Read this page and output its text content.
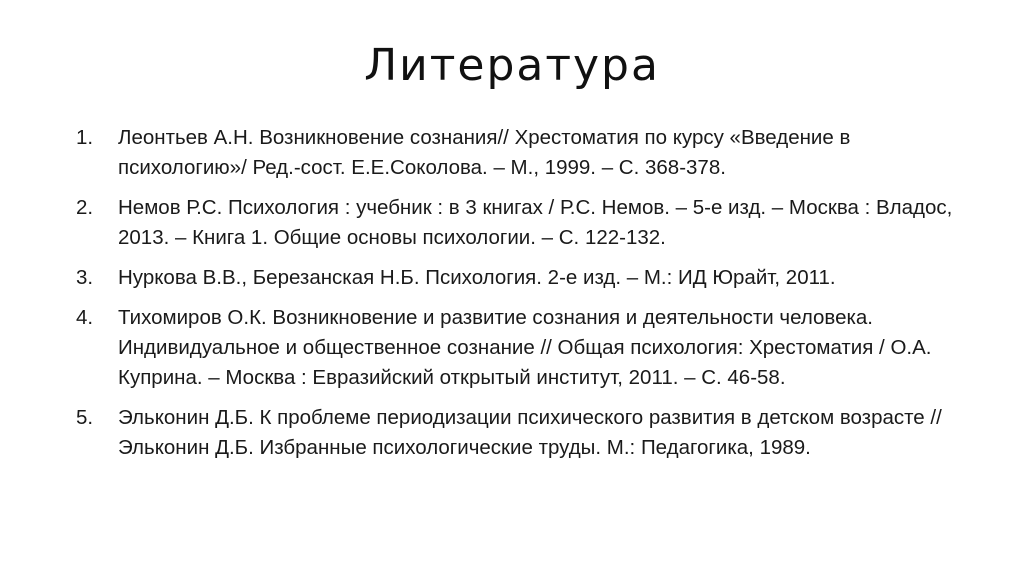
Литература
1.	Леонтьев А.Н. Возникновение сознания// Хрестоматия по курсу «Введение в психологию»/ Ред.-сост. Е.Е.Соколова. – М., 1999. – С. 368-378.
2.	Немов Р.С. Психология : учебник : в 3 книгах / Р.С. Немов. – 5-е изд. – Москва : Владос, 2013. – Книга 1. Общие основы психологии. – С. 122-132.
3.	Нуркова В.В., Березанская Н.Б. Психология. 2-е изд. – М.: ИД Юрайт, 2011.
4.	Тихомиров О.К. Возникновение и развитие сознания и деятельности человека. Индивидуальное и общественное сознание // Общая психология: Хрестоматия / О.А. Куприна. – Москва : Евразийский открытый институт, 2011. – С. 46-58.
5.	Эльконин Д.Б. К проблеме периодизации психического развития в детском возрасте // Эльконин Д.Б. Избранные психологические труды. М.: Педагогика, 1989.
